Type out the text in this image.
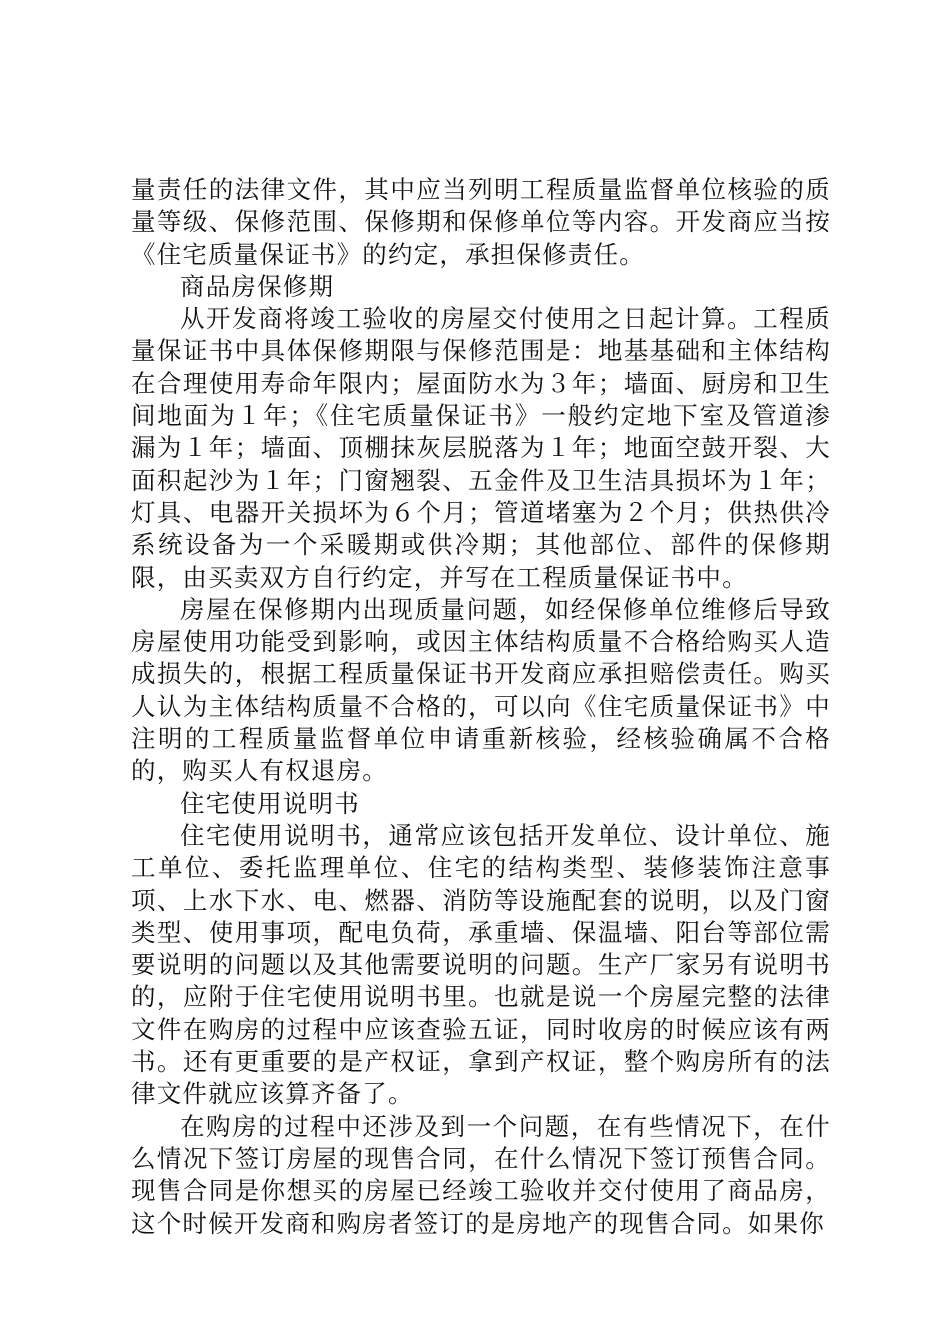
量责任的法律文件，其中应当列明工程质量监督单位核验的质量等级、保修范围、保修期和保修单位等内容。开发商应当按《住宅质量保证书》的约定，承担保修责任。

商品房保修期

从开发商将竣工验收的房屋交付使用之日起计算。工程质量保证书中具体保修期限与保修范围是：地基基础和主体结构在合理使用寿命年限内；屋面防水为３年；墙面、厨房和卫生间地面为１年；《住宅质量保证书》一般约定地下室及管道渗漏为１年；墙面、顶棚抹灰层脱落为１年；地面空鼓开裂、大面积起沙为１年；门窗翘裂、五金件及卫生洁具损坏为１年；灯具、电器开关损坏为６个月；管道堵塞为２个月；供热供冷系统设备为一个采暖期或供冷期；其他部位、部件的保修期限，由买卖双方自行约定，并写在工程质量保证书中。

房屋在保修期内出现质量问题，如经保修单位维修后导致房屋使用功能受到影响，或因主体结构质量不合格给购买人造成损失的，根据工程质量保证书开发商应承担赔偿责任。购买人认为主体结构质量不合格的，可以向《住宅质量保证书》中注明的工程质量监督单位申请重新核验，经核验确属不合格的，购买人有权退房。

住宅使用说明书

住宅使用说明书，通常应该包括开发单位、设计单位、施工单位、委托监理单位、住宅的结构类型、装修装饰注意事项、上水下水、电、燃器、消防等设施配套的说明，以及门窗类型、使用事项，配电负荷，承重墙、保温墙、阳台等部位需要说明的问题以及其他需要说明的问题。生产厂家另有说明书的，应附于住宅使用说明书里。也就是说一个房屋完整的法律文件在购房的过程中应该查验五证，同时收房的时候应该有两书。还有更重要的是产权证，拿到产权证，整个购房所有的法律文件就应该算齐备了。

在购房的过程中还涉及到一个问题，在有些情况下，在什么情况下签订房屋的现售合同，在什么情况下签订预售合同。现售合同是你想买的房屋已经竣工验收并交付使用了商品房，这个时候开发商和购房者签订的是房地产的现售合同。如果你
